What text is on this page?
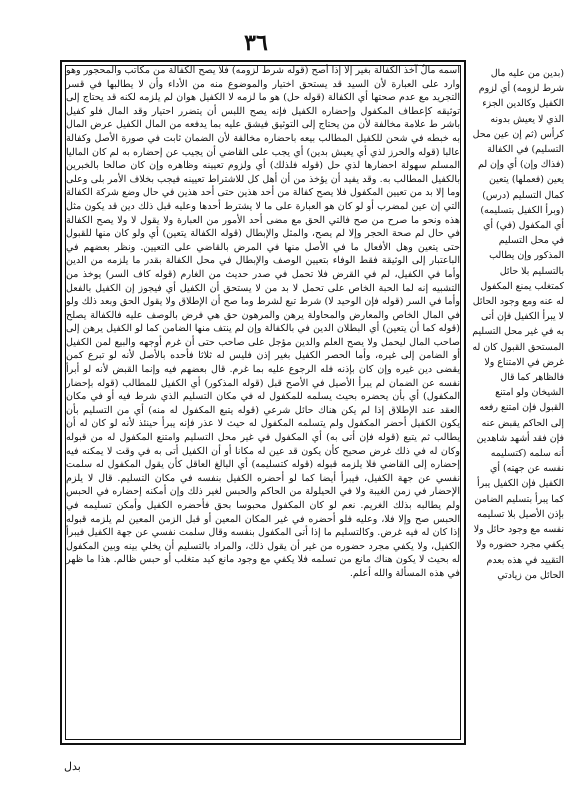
٣٦

اسمه مالٌ آخذ الكفالة بغير إلا إذا أصح (قوله شرط لزومه) فلا يصح الكفالة من مكاتب والمحجور وهو وارد على العبارة لأن السيد قد يستحق اختيار والموضوع منه من الأداء وأن لا يطالبها في قسر التجريد مع عدم صحتها أي الكفالة (قوله حل) هو ما لزمه لا الكفيل هوان لم يلزمه لكنه قد يحتاج إلى توثيقه كإعطاف المكفول وإحضاره الكفيل فإنه يصح اللبس أن يتضرر احتيار وقد المال فلو كفيل باشر ط علامة مخالفة لأن من يحتاج إلى التوثيق فيشق عليه بما يدفعه من المال الكفيل عرض المال به خبطه في شحن للكفيل المطالب بيعه باحضاره مخالفة لأن الضمان ثابت في صورة الأصل وكفالة عالبا (قوله والحرز لذي أي يعيش بدين) أي يجب على القاضي أن يجيب عن إحضاره به لم كان الماليا المسلم سهولة احضارها لذي حل (قوله فلذلك) أي ولزوم تعيينه وظاهره وإن كان صالحا بالخبرين بالكفيل المطالب به. وقد يفيد أن يؤخذ من أن أهل كل للاشتراط تعيينه فيجب بخلاف الأمر بلى وعلى وما إلا بد من تعيين المكفول فلا يصح كفالة من أحد هذين حتى أحد هذين في حال وضع شركة الكفالة التي إن عين لمضرب أو لو كان هو العبارة على ما لا يشترط أحدها وعليه قبل ذلك دين قد يكون مثل هذه ونحو ما صرح من صح فالتي الحق مع مضى أحد الأمور من العبارة ولا يقول لا ولا يصح الكفالة في حال لم صحة الحجر وإلا لم يصح، والمثل والإبطال (قوله الكفالة يتعين) أي ولو كان منها للقبول حتى يتعين وهل الأفعال ما في الأصل منها في المرض بالقاضي على التعيين. ونظر بعضهم في الباعتبار إلى الوثيقة فقط الوفاء بتعيين الوصف والإبطال في محل الكفالة بقدر ما يلزمه من الدين وأما في الكفيل، لم في القرض فلا تحمل في صدر حديث من الغارم (قوله كاف السر) يوخذ من التشبيه إنه لما الحبة الخاص على تحمل لا بد من لا يستحق أن الكفيل أي فيجوز إن الكفيل بالفعل وأما في السر (قوله فإن الوحيد لا) شرط تبع لشرط وما صح أن الإطلاق ولا يقول الحق وبعد ذلك ولو في المال الخاص والمعارض والمحاولة يرهن والمرهون حق هي فرض بالوصف عليه فالكفالة يصلح (قوله كما أن يتعين) أي البطلان الدين في بالكفالة وإن لم ينتف منها الضامن كما لو الكفيل يرهن إلى صاحب المال ليحمل ولا يصح العلم والدين مؤجل على صاحب حتى أن غرم أوجهه والبيع لمن الكفيل أو الضامن إلى غيره، وأما الحصر الكفيل بغير إذن فليس له ثلاثا فأحده بالأصل لأنه لو تبرع كمن يقضى دين غيره وإن كان بإذنه فله الرجوع عليه بما غرم. قال بعضهم فيه وإنما القبض لأنه لو أبرأ نفسه عن الضمان لم يبرأ الأصيل في الأصح قبل (قوله المذكور) أي الكفيل للمطالب (قوله بإحضار المكفول) أي بأن يحضره بحيث يسلمه للمكفول له في مكان التسليم الذي شرط فيه أو في مكان العقد عند الإطلاق إذا لم يكن هناك حائل شرعي (قوله يتبع المكفول له منه) أي من التسليم بأن يكون الكفيل أحضر المكفول ولم يتسلمه المكفول له حيث لا عذر فإنه يبرأ حينئذ لأنه لو كان له أن يطالب ثم يتبع (قوله فإن أتى به) أي المكفول في غير محل التسليم وامتنع المكفول له من قبوله وكان له في ذلك غرض صحيح كأن يكون قد عين له مكانا أو أن الكفيل أتى به في وقت لا يمكنه فيه إحضاره إلى القاضي فلا يلزمه قبوله (قوله كتسليمه) أي البالغ العاقل كأن يقول المكفول له سلمت نفسي عن جهة الكفيل، فيبرأ أيضا كما لو أحضره الكفيل بنفسه في مكان التسليم. قال لا يلزم الإحضار في زمن الغيبة ولا في الحيلولة من الحاكم والحبس لغير ذلك وإن أمكنه إحضاره في الحبس ولم يطالبه بذلك الغريم. نعم لو كان المكفول محبوسا بحق فأحضره الكفيل وأمكن تسليمه في الحبس صح وإلا فلا، وعليه فلو أحضره في غير المكان المعين أو قبل الزمن المعين لم يلزمه قبوله إذا كان له فيه غرض. وكالتسليم ما إذا أتى المكفول بنفسه وقال سلمت نفسي عن جهة الكفيل فيبرأ الكفيل، ولا يكفي مجرد حضوره من غير أن يقول ذلك، والمراد بالتسليم أن يخلي بينه وبين المكفول له بحيث لا يكون هناك مانع من تسلمه فلا يكفي مع وجود مانع كيد متغلب أو حبس ظالم. هذا ما ظهر في هذه المسألة والله أعلم.

(بدين من عليه مال شرط لزومه) أي لزوم الكفيل وكالدين الجزء الذي لا يعيش بدونه كرأس (ثم إن عين محل التسليم) في الكفالة (فذاك وإن) أي وإن لم يعين (فعملها) يتعين كمال التسليم (درس) (وبرأ الكفيل بتسليمه) أي المكفول (في) أي في محل التسليم المذكور وإن يطالب بالتسليم بلا حائل كمتغلب يمنع المكفول له عنه ومع وجود الحائل لا يبرأ الكفيل فإن أتى به في غير محل التسليم المستحق القبول كان له غرض في الامتناع ولا فالظاهر كما قال الشيخان ولو امتنع القبول فإن امتنع رفعه إلى الحاكم يقبض عنه فإن فقد أشهد شاهدين أنه سلمه (كتسليمه نفسه عن جهته) أي الكفيل فإن الكفيل يبرأ كما يبرأ بتسليم الضامن بإذن الأصيل بلا تسليمه نفسه مع وجود حائل ولا يكفي مجرد حضوره ولا التقييد في هذه بعدم الحائل من زيادتي

بدل
